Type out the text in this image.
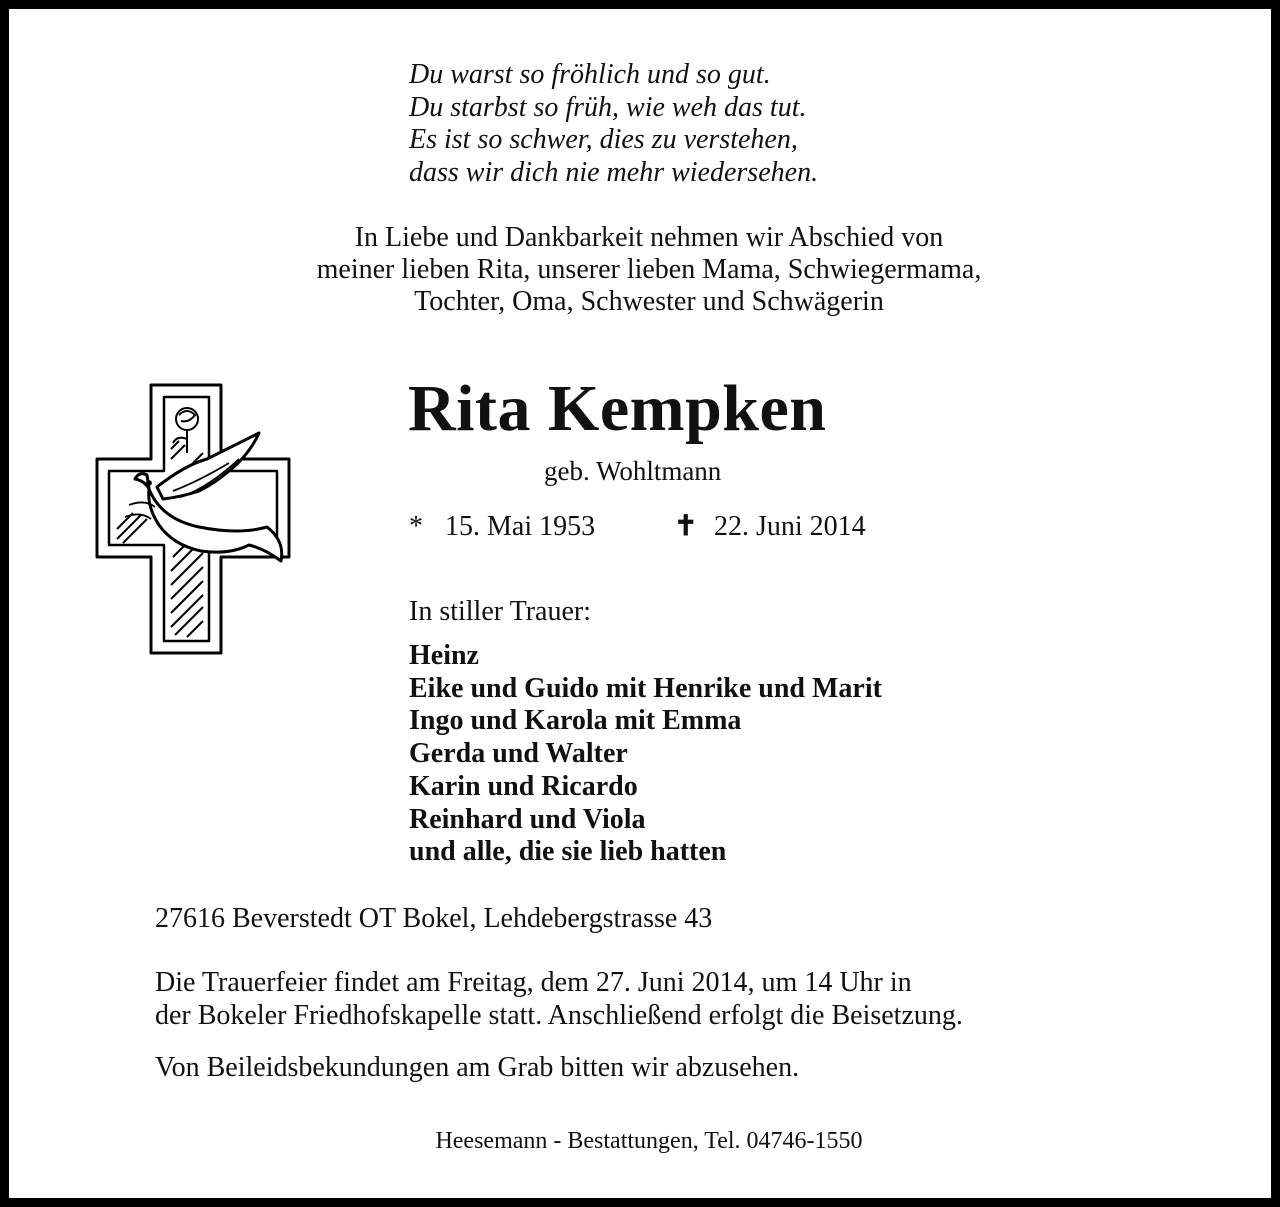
Du warst so fröhlich und so gut.
Du starbst so früh, wie weh das tut.
Es ist so schwer, dies zu verstehen,
dass wir dich nie mehr wiedersehen.
In Liebe und Dankbarkeit nehmen wir Abschied von
meiner lieben Rita, unserer lieben Mama, Schwiegermama,
Tochter, Oma, Schwester und Schwägerin
Rita Kempken
geb. Wohltmann
* 15. Mai 1953	✝ 22. Juni 2014
In stiller Trauer:
Heinz
Eike und Guido mit Henrike und Marit
Ingo und Karola mit Emma
Gerda und Walter
Karin und Ricardo
Reinhard und Viola
und alle, die sie lieb hatten
27616 Beverstedt OT Bokel, Lehdebergstrasse 43
Die Trauerfeier findet am Freitag, dem 27. Juni 2014, um 14 Uhr in
der Bokeler Friedhofskapelle statt. Anschließend erfolgt die Beisetzung.
Von Beileidsbekundungen am Grab bitten wir abzusehen.
Heesemann - Bestattungen, Tel. 04746-1550
